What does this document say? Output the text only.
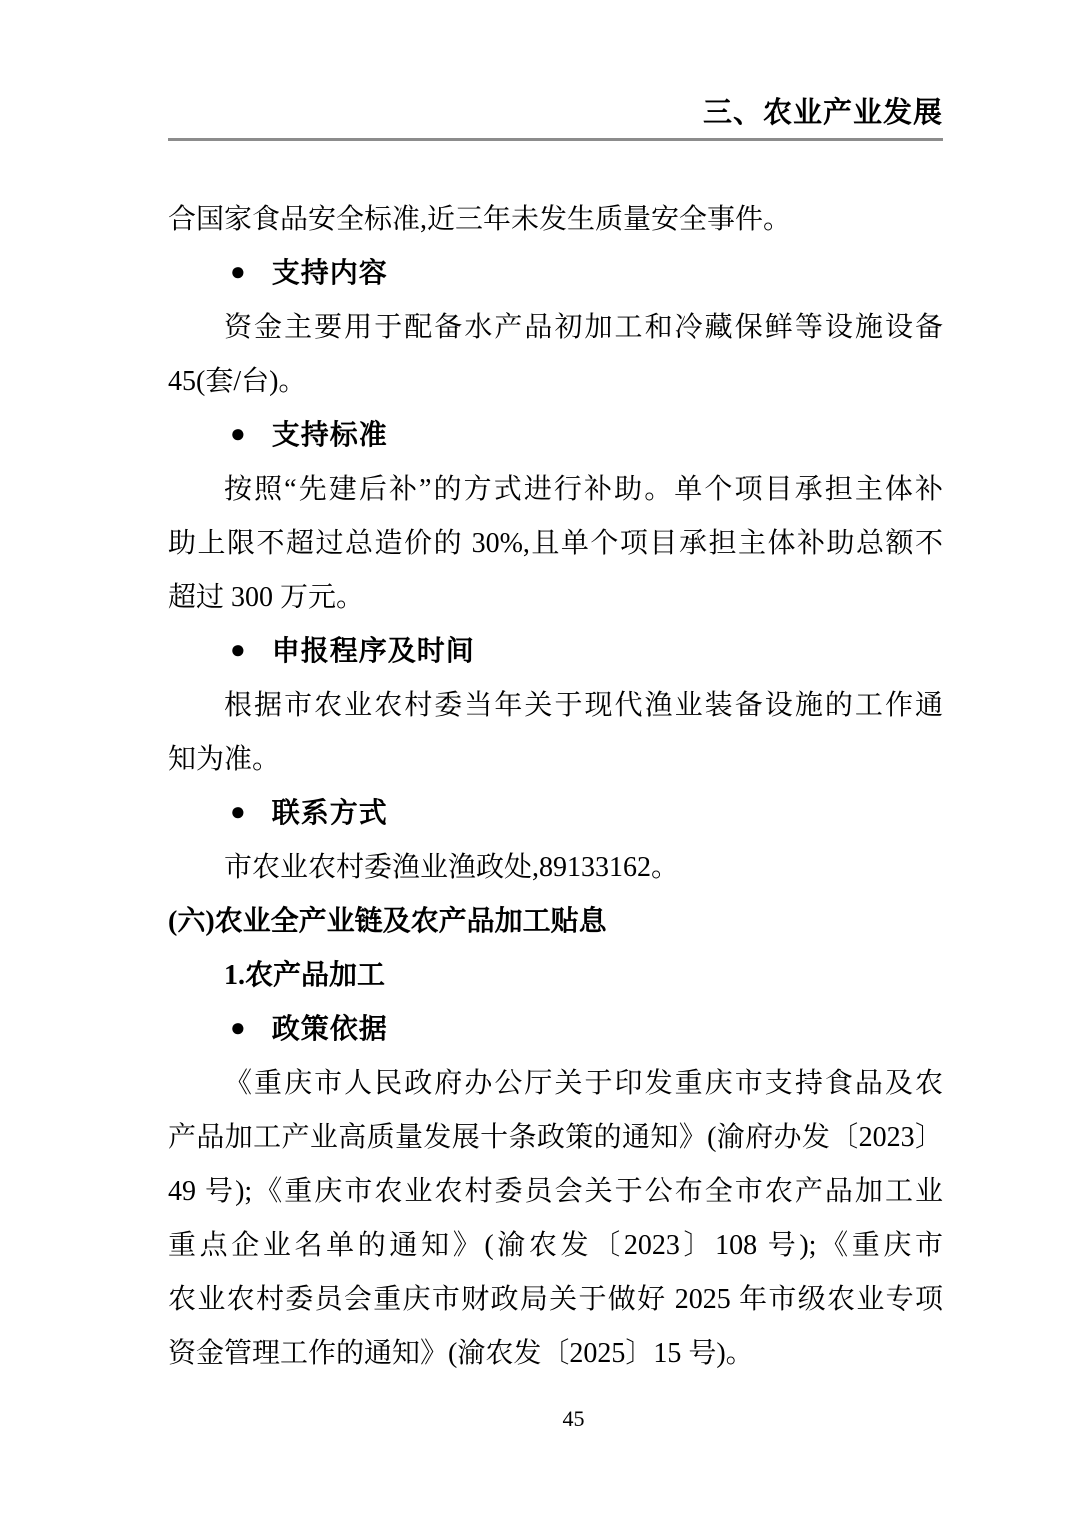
三、农业产业发展
合国家食品安全标准,近三年未发生质量安全事件。
● 支持内容
资金主要用于配备水产品初加工和冷藏保鲜等设施设备
45(套/台)。
● 支持标准
按照“先建后补”的方式进行补助。单个项目承担主体补
助上限不超过总造价的 30%,且单个项目承担主体补助总额不
超过 300 万元。
● 申报程序及时间
根据市农业农村委当年关于现代渔业装备设施的工作通
知为准。
● 联系方式
市农业农村委渔业渔政处,89133162。
(六)农业全产业链及农产品加工贴息
1.农产品加工
● 政策依据
《重庆市人民政府办公厅关于印发重庆市支持食品及农
产品加工产业高质量发展十条政策的通知》(渝府办发〔2023〕
49 号);《重庆市农业农村委员会关于公布全市农产品加工业
重点企业名单的通知》(渝农发〔2023〕108 号);《重庆市
农业农村委员会重庆市财政局关于做好 2025 年市级农业专项
资金管理工作的通知》(渝农发〔2025〕15 号)。
45
